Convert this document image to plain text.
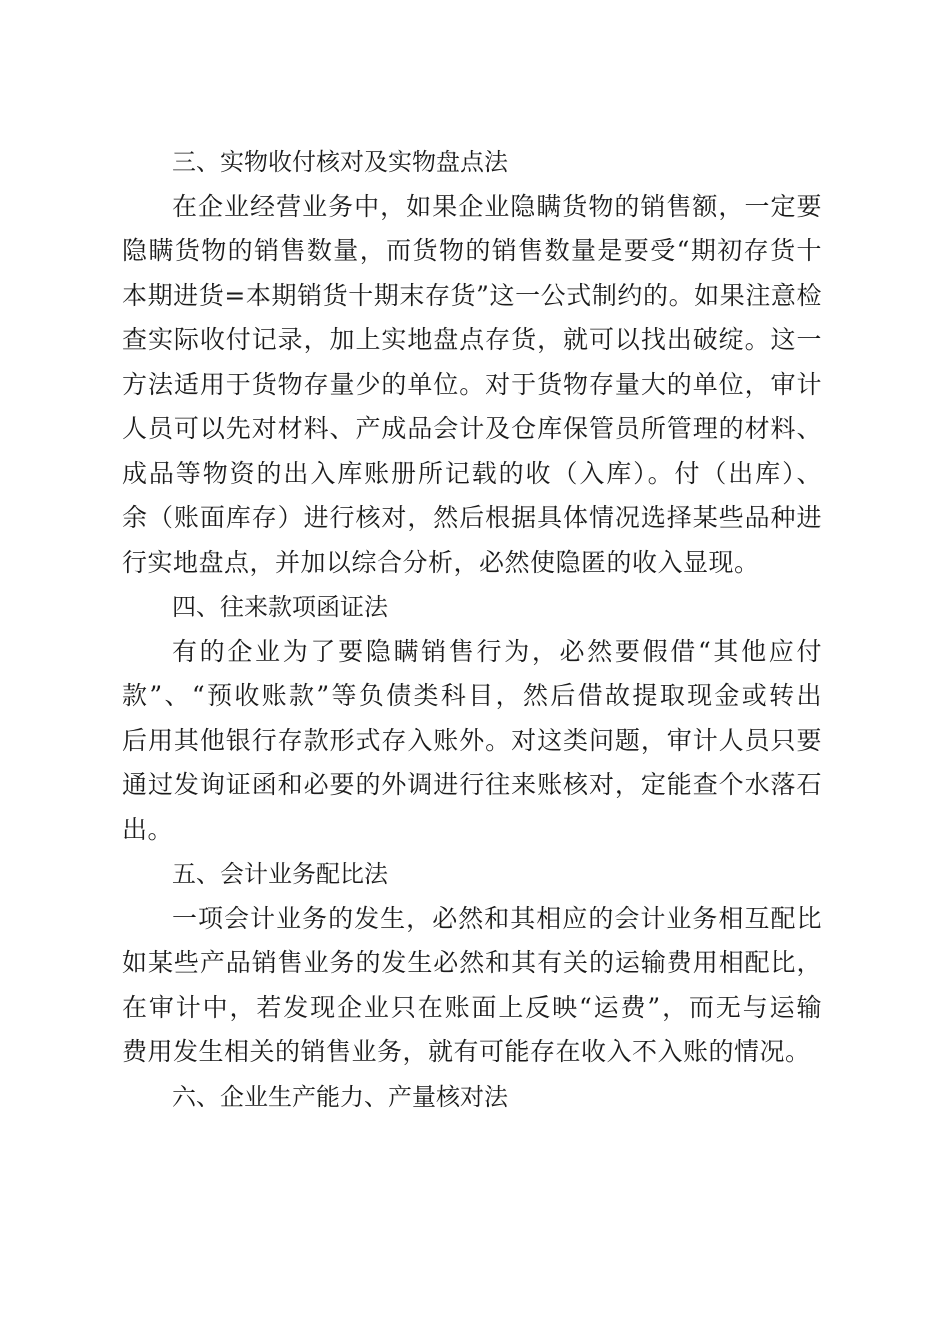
三、实物收付核对及实物盘点法
在企业经营业务中，如果企业隐瞒货物的销售额，一定要
隐瞒货物的销售数量，而货物的销售数量是要受“期初存货十
本期进货=本期销货十期末存货”这一公式制约的。如果注意检
查实际收付记录，加上实地盘点存货，就可以找出破绽。这一
方法适用于货物存量少的单位。对于货物存量大的单位，审计
人员可以先对材料、产成品会计及仓库保管员所管理的材料、
成品等物资的出入库账册所记载的收（入库）。付（出库）、
余（账面库存）进行核对，然后根据具体情况选择某些品种进
行实地盘点，并加以综合分析，必然使隐匿的收入显现。
四、往来款项函证法
有的企业为了要隐瞒销售行为，必然要假借“其他应付
款”、“预收账款”等负债类科目，然后借故提取现金或转出
后用其他银行存款形式存入账外。对这类问题，审计人员只要
通过发询证函和必要的外调进行往来账核对，定能查个水落石
出。
五、会计业务配比法
一项会计业务的发生，必然和其相应的会计业务相互配比
如某些产品销售业务的发生必然和其有关的运输费用相配比，
在审计中，若发现企业只在账面上反映“运费”，而无与运输
费用发生相关的销售业务，就有可能存在收入不入账的情况。
六、企业生产能力、产量核对法
